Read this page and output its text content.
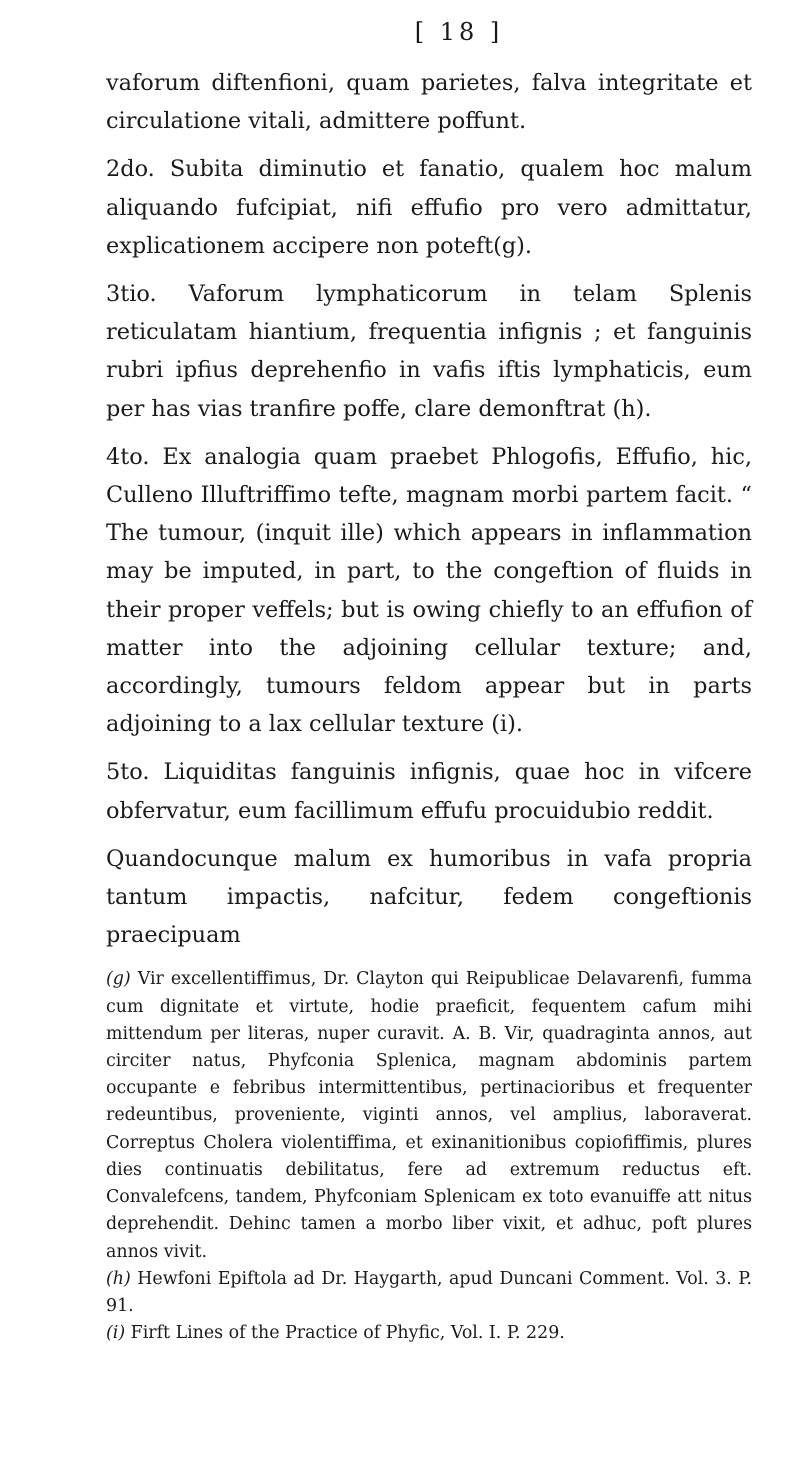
[ 18 ]

vaforum diftenfioni, quam parietes, falva integritate et circulatione vitali, admittere poffunt.

2do. Subita diminutio et fanatio, qualem hoc malum aliquando fufcipiat, nifi effufio pro vero admittatur, explicationem accipere non poteft(g).

3tio. Vaforum lymphaticorum in telam Splenis reticulatam hiantium, frequentia infignis ; et fanguinis rubri ipfius deprehenfio in vafis iftis lymphaticis, eum per has vias tranfire poffe, clare demonftrat (h).

4to. Ex analogia quam praebet Phlogofis, Effufio, hic, Culleno Illuftriffimo tefte, magnam morbi partem facit. “ The tumour, (inquit ille) which appears in inflammation may be imputed, in part, to the congeftion of fluids in their proper veffels; but is owing chiefly to an effufion of matter into the adjoining cellular texture; and, accordingly, tumours feldom appear but in parts adjoining to a lax cellular texture (i).

5to. Liquiditas fanguinis infignis, quae hoc in vifcere obfervatur, eum facillimum effufu procuidubio reddit.

Quandocunque malum ex humoribus in vafa propria tantum impactis, nafcitur, fedem congeftionis praecipuam

(g) Vir excellentiffimus, Dr. Clayton qui Reipublicae Delavarenfi, fumma cum dignitate et virtute, hodie praeficit, fequentem cafum mihi mittendum per literas, nuper curavit. A. B. Vir, quadraginta annos, aut circiter natus, Phyfconia Splenica, magnam abdominis partem occupante e febribus intermittentibus, pertinacioribus et frequenter redeuntibus, proveniente, viginti annos, vel amplius, laboraverat. Correptus Cholera violentiffima, et exinanitionibus copiofiffimis, plures dies continuatis debilitatus, fere ad extremum reductus eft. Convalefcens, tandem, Phyfconiam Splenicam ex toto evanuiffe att nitus deprehendit. Dehinc tamen a morbo liber vixit, et adhuc, poft plures annos vivit.

(h) Hewfoni Epiftola ad Dr. Haygarth, apud Duncani Comment. Vol. 3. P. 91.

(i) Firft Lines of the Practice of Phyfic, Vol. I. P. 229.
